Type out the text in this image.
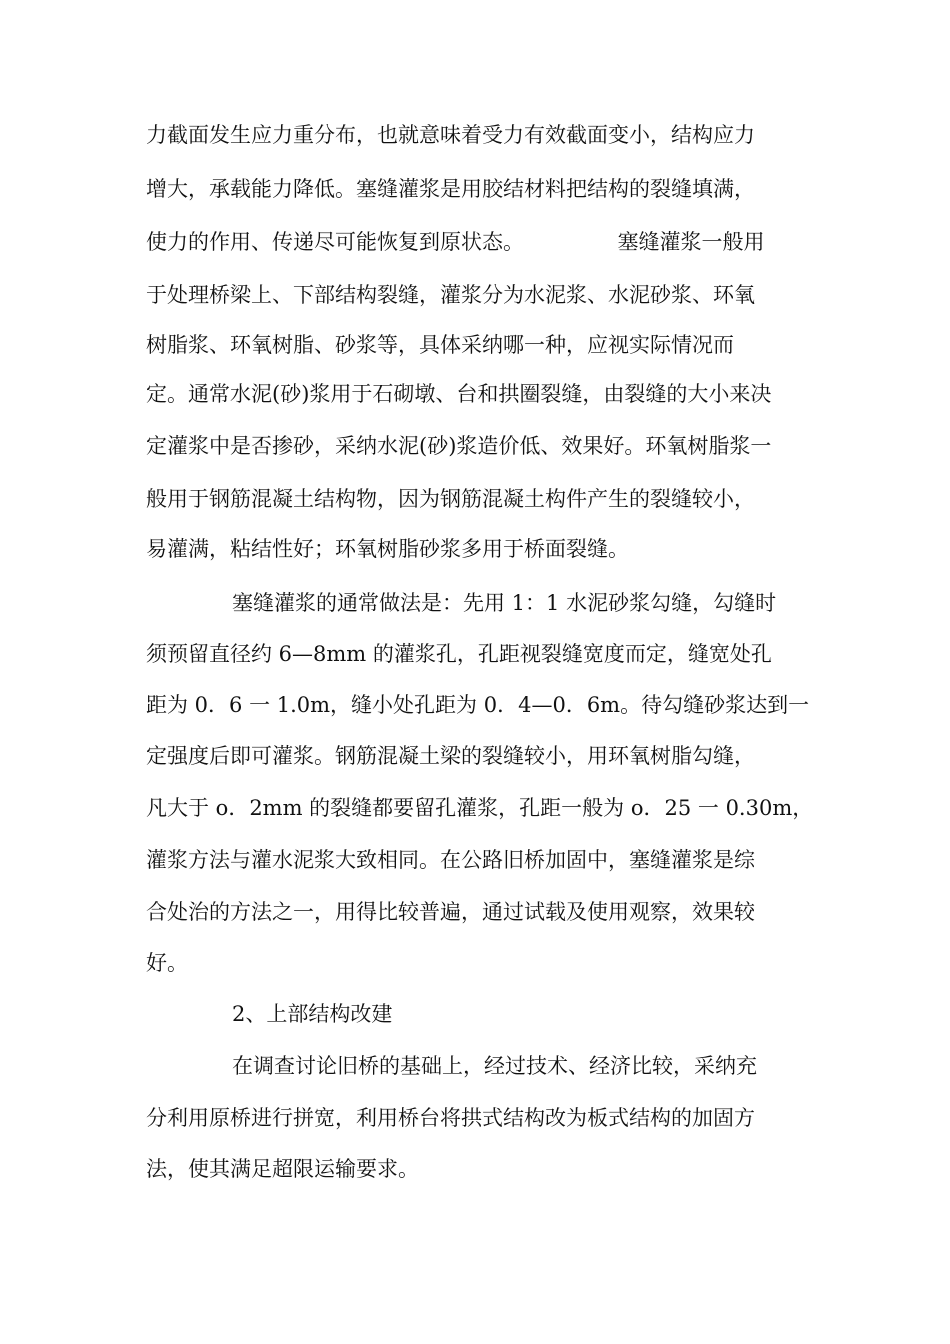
力截面发生应力重分布，也就意味着受力有效截面变小，结构应力
增大，承载能力降低。塞缝灌浆是用胶结材料把结构的裂缝填满，
使力的作用、传递尽可能恢复到原状态。              塞缝灌浆一般用
于处理桥梁上、下部结构裂缝，灌浆分为水泥浆、水泥砂浆、环氧
树脂浆、环氧树脂、砂浆等，具体采纳哪一种，应视实际情况而
定。通常水泥(砂)浆用于石砌墩、台和拱圈裂缝，由裂缝的大小来决
定灌浆中是否掺砂，采纳水泥(砂)浆造价低、效果好。环氧树脂浆一
般用于钢筋混凝土结构物，因为钢筋混凝土构件产生的裂缝较小，
易灌满，粘结性好；环氧树脂砂浆多用于桥面裂缝。
塞缝灌浆的通常做法是：先用 1：1 水泥砂浆勾缝，勾缝时
须预留直径约 6—8mm 的灌浆孔，孔距视裂缝宽度而定，缝宽处孔
距为 0．6 一 1.0m，缝小处孔距为 0．4—0．6m。待勾缝砂浆达到一
定强度后即可灌浆。钢筋混凝土梁的裂缝较小，用环氧树脂勾缝，
凡大于 o．2mm 的裂缝都要留孔灌浆，孔距一般为 o．25 一 0.30m，
灌浆方法与灌水泥浆大致相同。在公路旧桥加固中，塞缝灌浆是综
合处治的方法之一，用得比较普遍，通过试载及使用观察，效果较
好。
2、上部结构改建
在调查讨论旧桥的基础上，经过技术、经济比较，采纳充
分利用原桥进行拼宽，利用桥台将拱式结构改为板式结构的加固方
法，使其满足超限运输要求。
